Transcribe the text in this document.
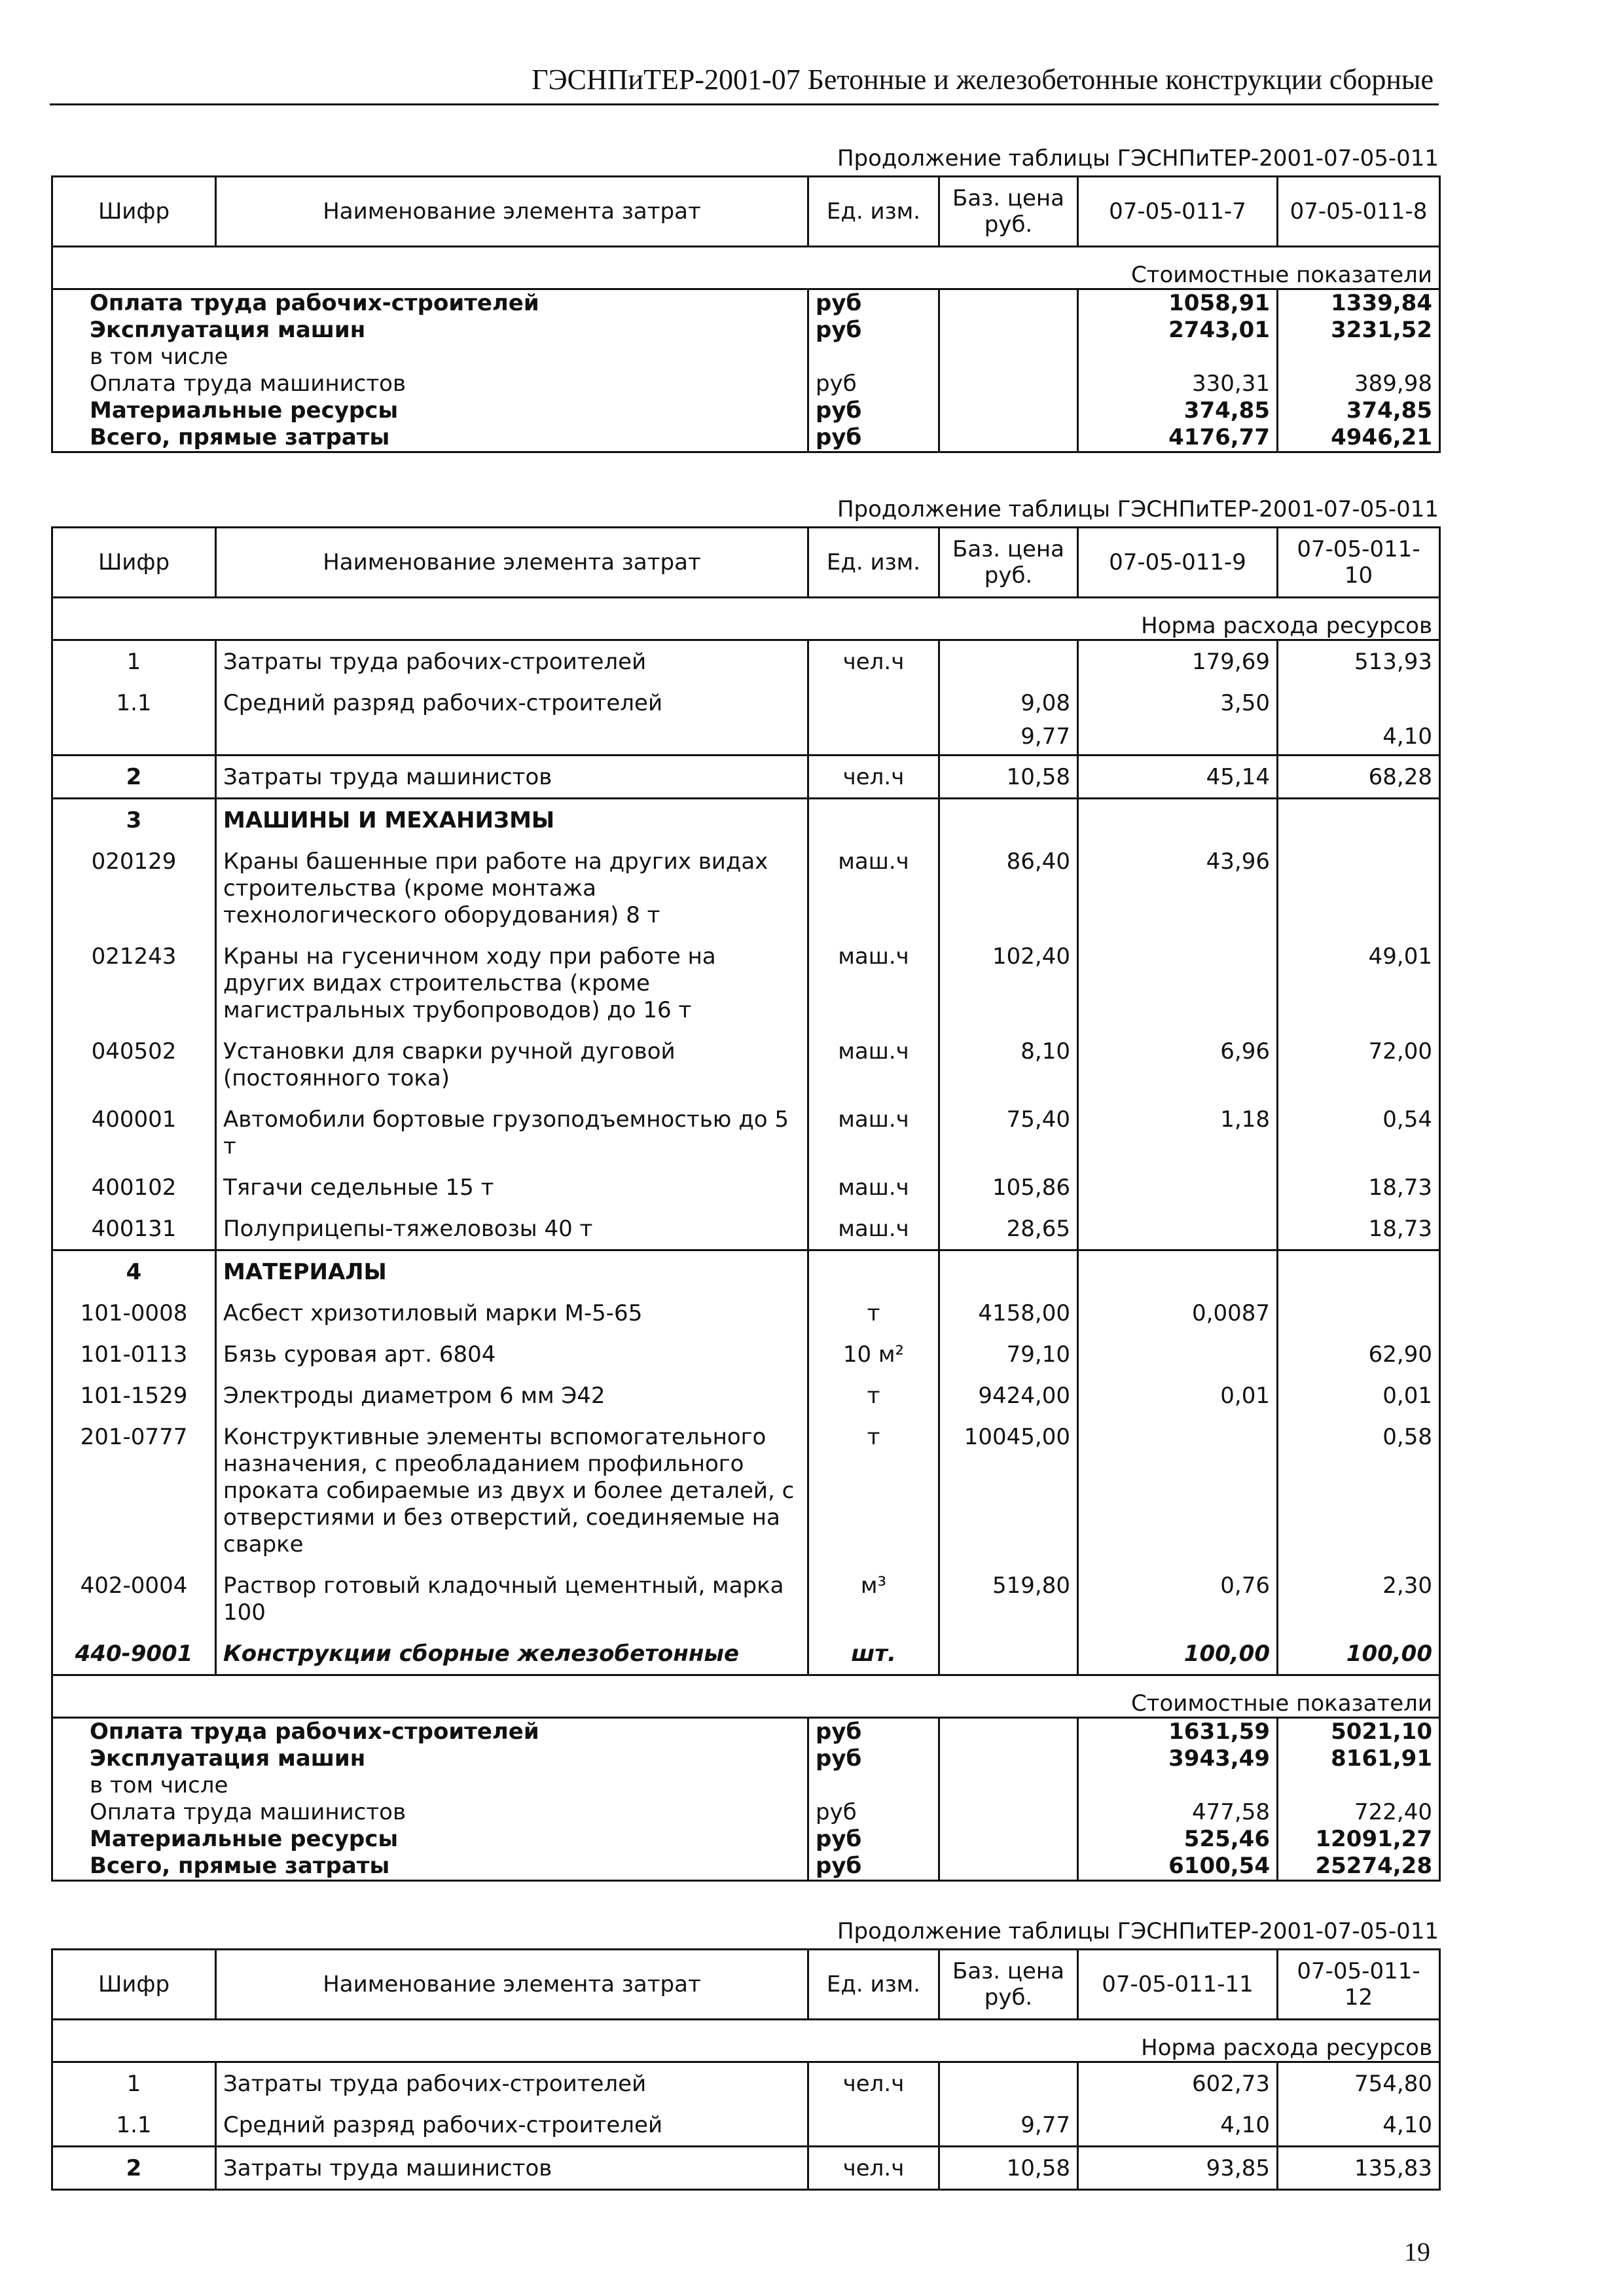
ГЭСНПиТЕР-2001-07 Бетонные и железобетонные конструкции сборные
Продолжение таблицы ГЭСНПиТЕР-2001-07-05-011
Шифр	Наименование элемента затрат	Ед. изм.	Баз. цена руб.	07-05-011-7	07-05-011-8
Стоимостные показатели					
Оплата труда рабочих-строителей		руб		1058,91	1339,84
Эксплуатация машин		руб		2743,01	3231,52
в том числе					
Оплата труда машинистов		руб		330,31	389,98
Материальные ресурсы		руб		374,85	374,85
Всего, прямые затраты		руб		4176,77	4946,21
Продолжение таблицы ГЭСНПиТЕР-2001-07-05-011
Шифр	Наименование элемента затрат	Ед. изм.	Баз. цена руб.	07-05-011-9	07-05-011-10
Норма расхода ресурсов					
1	Затраты труда рабочих-строителей	чел.ч		179,69	513,93
1.1	Средний разряд рабочих-строителей		9,08	3,50	
			9,77		4,10
2	Затраты труда машинистов	чел.ч	10,58	45,14	68,28
3	МАШИНЫ И МЕХАНИЗМЫ				
020129	Краны башенные при работе на других видах строительства (кроме монтажа технологического оборудования) 8 т	маш.ч	86,40	43,96	
021243	Краны на гусеничном ходу при работе на других видах строительства (кроме магистральных трубопроводов) до 16 т	маш.ч	102,40		49,01
040502	Установки для сварки ручной дуговой (постоянного тока)	маш.ч	8,10	6,96	72,00
400001	Автомобили бортовые грузоподъемностью до 5 т	маш.ч	75,40	1,18	0,54
400102	Тягачи седельные 15 т	маш.ч	105,86		18,73
400131	Полуприцепы-тяжеловозы 40 т	маш.ч	28,65		18,73
4	МАТЕРИАЛЫ				
101-0008	Асбест хризотиловый марки М-5-65	т	4158,00	0,0087	
101-0113	Бязь суровая арт. 6804	10 м²	79,10		62,90
101-1529	Электроды диаметром 6 мм Э42	т	9424,00	0,01	0,01
201-0777	Конструктивные элементы вспомогательного назначения, с преобладанием профильного проката собираемые из двух и более деталей, с отверстиями и без отверстий, соединяемые на сварке	т	10045,00		0,58
402-0004	Раствор готовый кладочный цементный, марка 100	м³	519,80	0,76	2,30
440-9001	Конструкции сборные железобетонные	шт.		100,00	100,00
Стоимостные показатели					
Оплата труда рабочих-строителей		руб		1631,59	5021,10
Эксплуатация машин		руб		3943,49	8161,91
в том числе					
Оплата труда машинистов		руб		477,58	722,40
Материальные ресурсы		руб		525,46	12091,27
Всего, прямые затраты		руб		6100,54	25274,28
Продолжение таблицы ГЭСНПиТЕР-2001-07-05-011
Шифр	Наименование элемента затрат	Ед. изм.	Баз. цена руб.	07-05-011-11	07-05-011-12
Норма расхода ресурсов					
1	Затраты труда рабочих-строителей	чел.ч		602,73	754,80
1.1	Средний разряд рабочих-строителей		9,77	4,10	4,10
2	Затраты труда машинистов	чел.ч	10,58	93,85	135,83
19
